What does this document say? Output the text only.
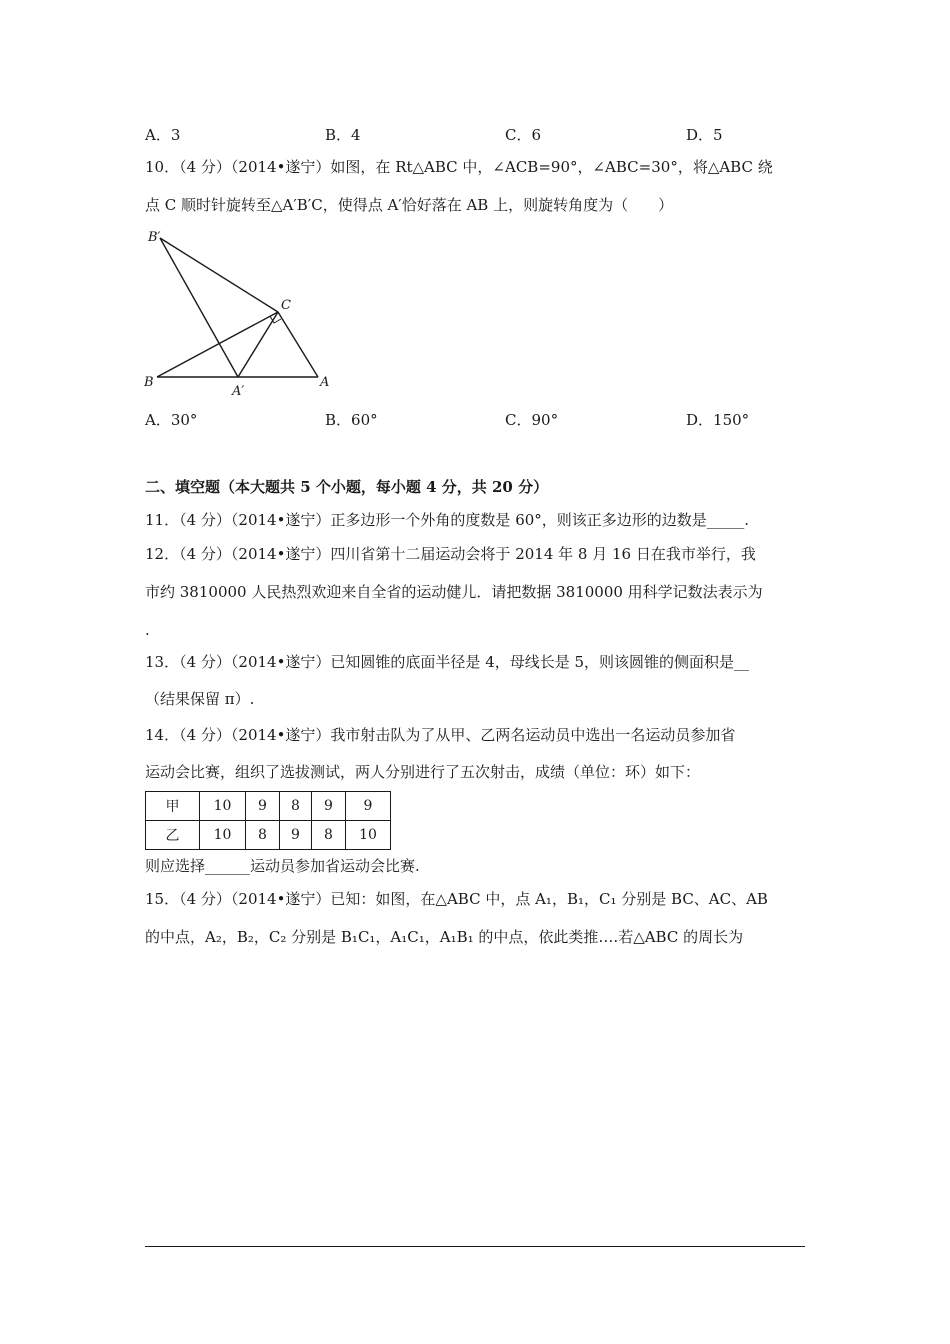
A．3	B．4	C．6	D．5
10．（4 分）（2014•遂宁）如图，在 Rt△ABC 中，∠ACB=90°，∠ABC=30°，将△ABC 绕
点 C 顺时针旋转至△A′B′C，使得点 A′恰好落在 AB 上，则旋转角度为（　　）
B′
C
B
A′
A
A．30°	B．60°	C．90°	D．150°
二、填空题（本大题共 5 个小题，每小题 4 分，共 20 分）
11．（4 分）（2014•遂宁）正多边形一个外角的度数是 60°，则该正多边形的边数是_____.
12．（4 分）（2014•遂宁）四川省第十二届运动会将于 2014 年 8 月 16 日在我市举行，我
市约 3810000 人民热烈欢迎来自全省的运动健儿．请把数据 3810000 用科学记数法表示为
.
13．（4 分）（2014•遂宁）已知圆锥的底面半径是 4，母线长是 5，则该圆锥的侧面积是__
（结果保留 π）.
14．（4 分）（2014•遂宁）我市射击队为了从甲、乙两名运动员中选出一名运动员参加省
运动会比赛，组织了选拔测试，两人分别进行了五次射击，成绩（单位：环）如下：
甲	10	9	8	9	9
乙	10	8	9	8	10
则应选择______运动员参加省运动会比赛.
15．（4 分）（2014•遂宁）已知：如图，在△ABC 中，点 A₁，B₁，C₁ 分别是 BC、AC、AB
的中点，A₂，B₂，C₂ 分别是 B₁C₁，A₁C₁，A₁B₁ 的中点，依此类推….若△ABC 的周长为
